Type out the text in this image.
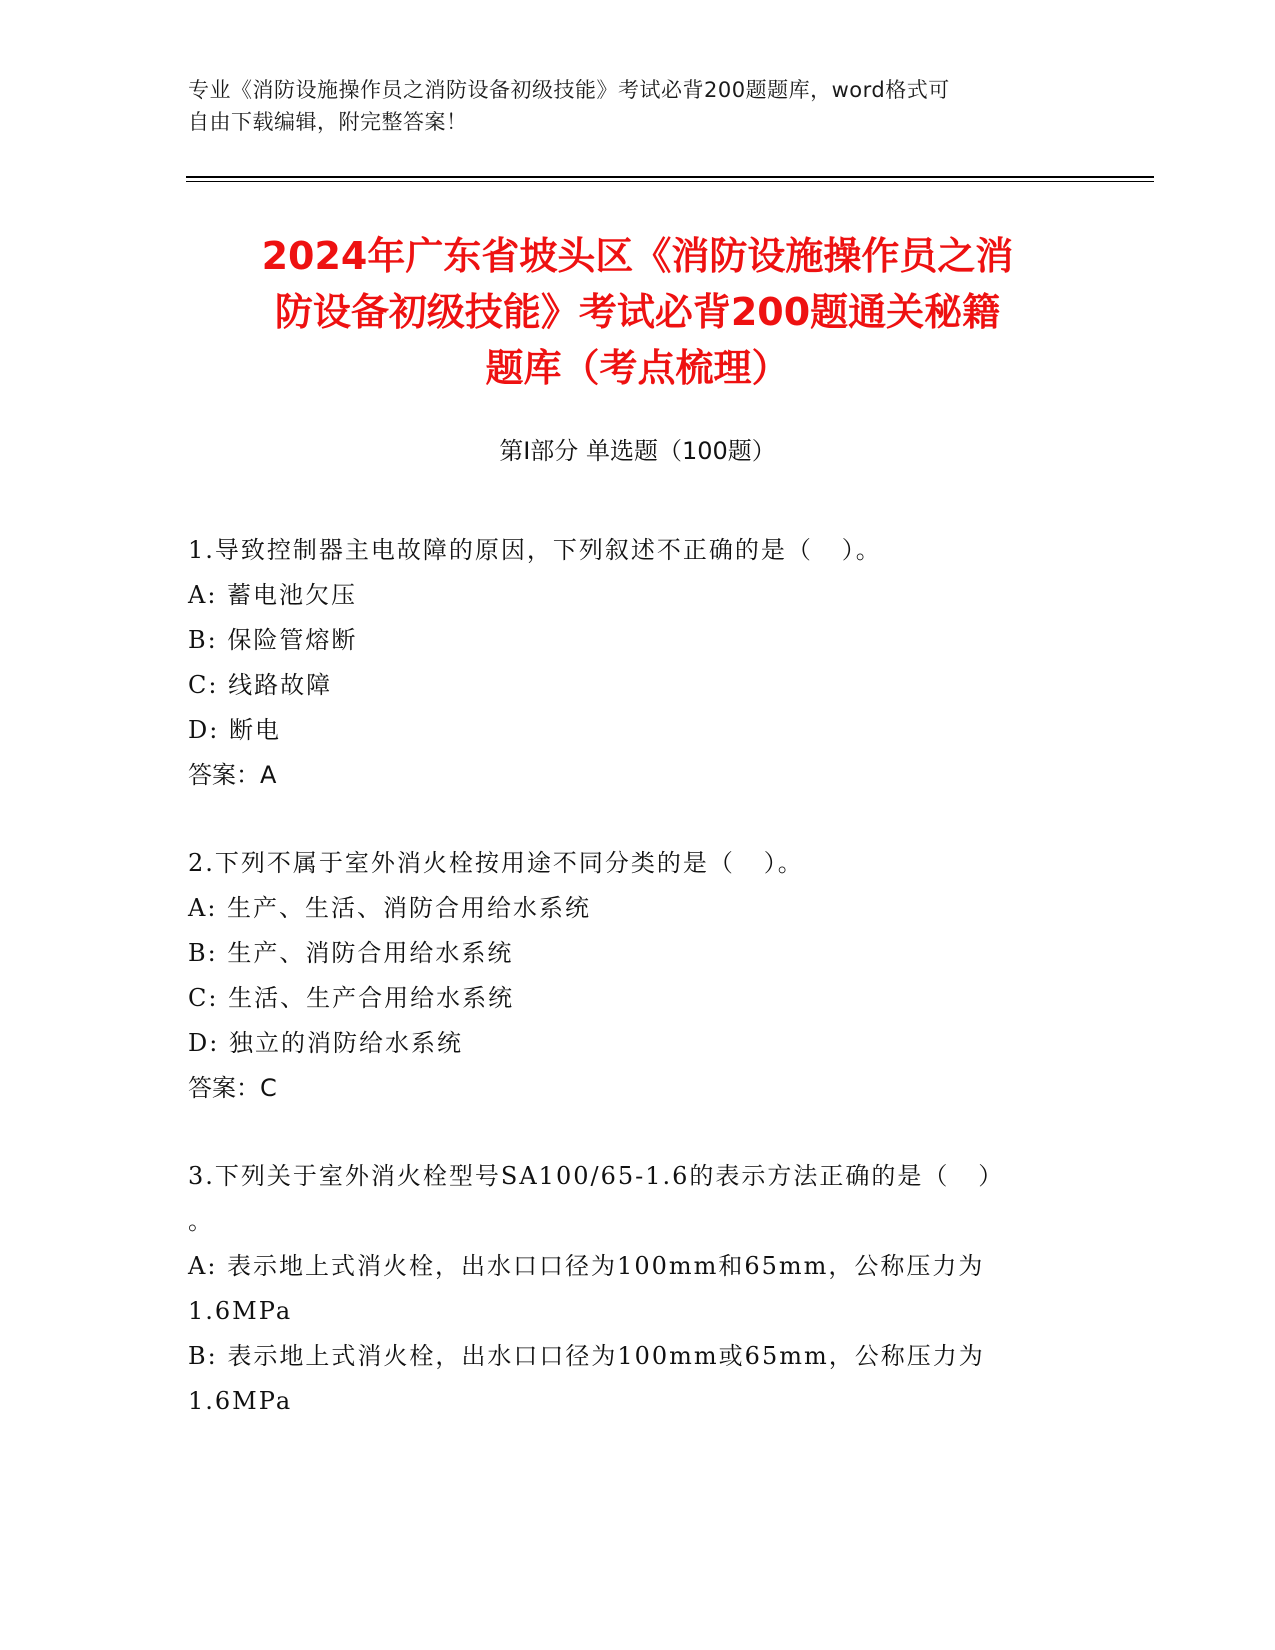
专业《消防设施操作员之消防设备初级技能》考试必背200题题库，word格式可
自由下载编辑，附完整答案！
2024年广东省坡头区《消防设施操作员之消
防设备初级技能》考试必背200题通关秘籍
题库（考点梳理）
第I部分 单选题（100题）
1.导致控制器主电故障的原因，下列叙述不正确的是（   ）。
A: 蓄电池欠压
B: 保险管熔断
C: 线路故障
D: 断电
答案：A
2.下列不属于室外消火栓按用途不同分类的是（   ）。
A: 生产、生活、消防合用给水系统
B: 生产、消防合用给水系统
C: 生活、生产合用给水系统
D: 独立的消防给水系统
答案：C
3.下列关于室外消火栓型号SA100/65-1.6的表示方法正确的是（   ）
。
A: 表示地上式消火栓，出水口口径为100mm和65mm，公称压力为
1.6MPa
B: 表示地上式消火栓，出水口口径为100mm或65mm，公称压力为
1.6MPa
